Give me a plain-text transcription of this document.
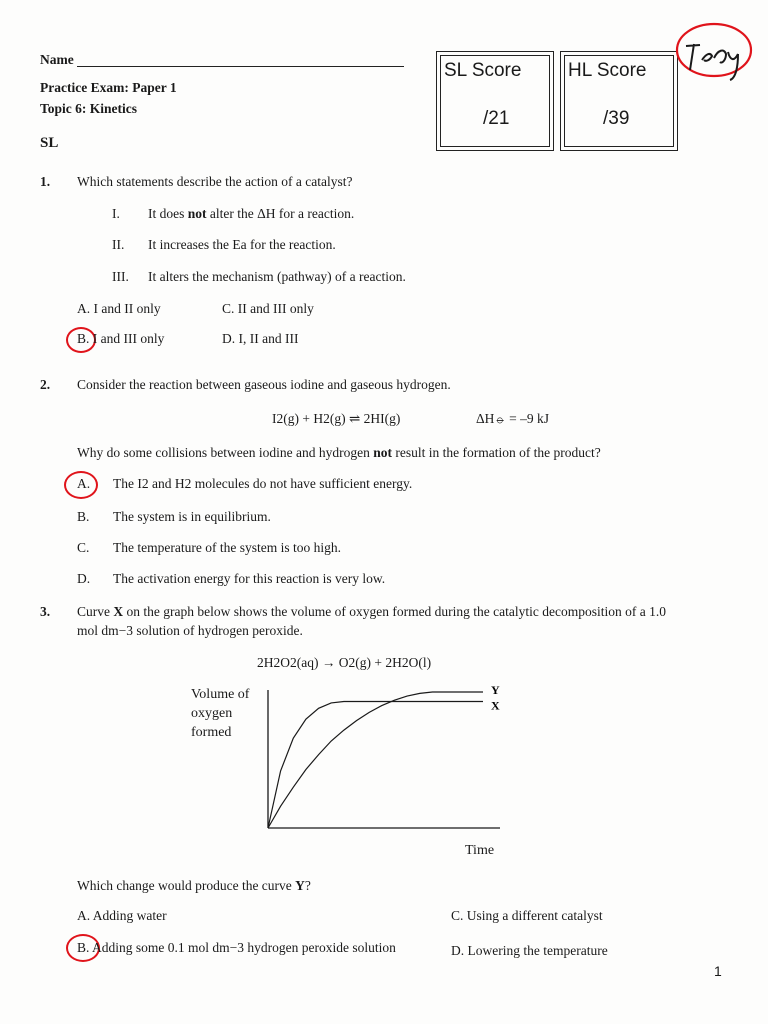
Name
Practice Exam: Paper 1
Topic 6: Kinetics
SL
SL Score
/21
HL Score
/39
1. Which statements describe the action of a catalyst?
I. It does not alter the ΔH for a reaction.
II. It increases the Ea for the reaction.
III. It alters the mechanism (pathway) of a reaction.
A. I and II only	C. II and III only
B. I and III only	D. I, II and III
2. Consider the reaction between gaseous iodine and gaseous hydrogen.
I2(g) + H2(g) ⇌ 2HI(g)	ΔH⦵ = –9 kJ
Why do some collisions between iodine and hydrogen not result in the formation of the product?
A. The I2 and H2 molecules do not have sufficient energy.
B. The system is in equilibrium.
C. The temperature of the system is too high.
D. The activation energy for this reaction is very low.
3. Curve X on the graph below shows the volume of oxygen formed during the catalytic decomposition of a 1.0
mol dm−3 solution of hydrogen peroxide.
2H2O2(aq) → O2(g) + 2H2O(l)
Volume of oxygen formed
Time
Y
X
Which change would produce the curve Y?
A. Adding water	C. Using a different catalyst
B. Adding some 0.1 mol dm−3 hydrogen peroxide solution	D. Lowering the temperature
1
